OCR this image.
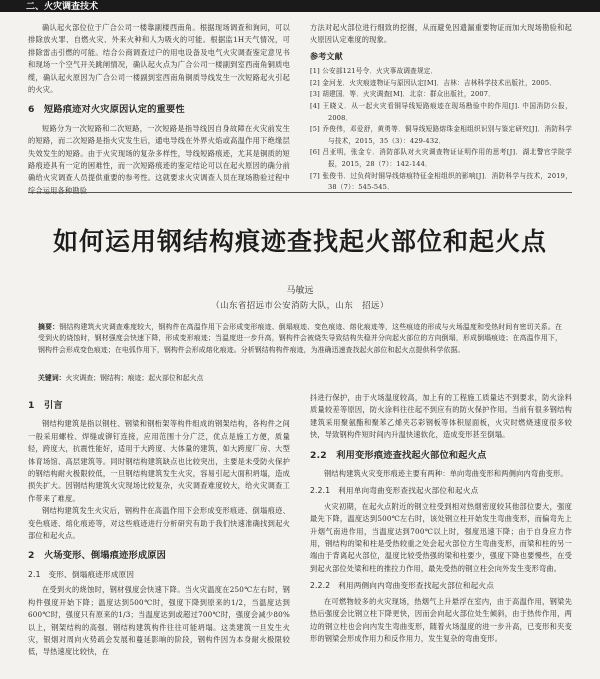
二、火灾调查技术

确认起火部位位于广合公司一楼靠副楼西南角。根据现场调查和询问，可以排除放火罪、自燃火灾、外来火种和人为吸火的可能。根据监1H天气情况，可排除雷击引燃的可能。结合公商调查过户的用电设备及电气火灾调查鉴定意见书和现场一个空气开关跳闸情况，确认起火点为广合公司一楼副到室西南角铜质电缆，确认起火原因为广合公司一楼副到室西南角铜质导线发生一次短路起火引起的火灾。

6　短路痕迹对火灾原因认定的重要性

短路分为一次短路和二次短路，一次短路是指导线因自身故障在火灾前发生的短路，而二次短路是指火灾发生后，通电导线在外界火焰或高温作用下绝缘层失效发生的短路。由于火灾现场的复杂多样性，导线短路痕迹，尤其是铜质的短路痕迹具有一定的困难性，而一次短路痕迹的鉴定结论可以在起火原因的确分前确给火灾调查人员提供重要的参考性。这就要求火灾调查人员在现场勘验过程中综合运用各种勘验

方法对起火部位进行细致的挖掘，从而避免因遗漏重要物证而加大现场勘验和起火原因认定难度的现象。

参考文献
[1] 公安部121号令．火灾事故调查规定．
[2] 金河龙．火灾痕迹物证与原因认定[M]．吉林：吉林科学技术出版社，2005．
[3] 胡建国．等．火灾调查[M]．北京：群众出版社，2007．
[4] 王晓义．从一起火灾看铜导线短路痕迹在现场勘验中的作用[J]. 中国消防公报，2008．
[5] 乔俊伟，邓爱舒，黄勇等．铜导线短路熔珠金相组织识别与鉴定研究[J]．消防科学与技术，2015，35（3）：429-432．
[6] 吕亚明，张金专．消防部队对火灾调查物证证明作用的思考[J]．湖北警官学院学报，2015，28（7）：142-144．
[7] 张俊书．过负荷时铜导线熔痕特征金相组织的影响[J]．消防科学与技术，2019，38（7）：545-545．
如何运用钢结构痕迹查找起火部位和起火点
马敏远
（山东省招远市公安消防大队，山东　招远）
摘要：钢结构建筑火灾调查难度较大，钢构件在高温作用下会形成变形痕迹、倒塌痕迹、变色痕迹、熔化痕迹等，这些痕迹的形成与火场温度和受热时间有密切关系。在受到火的烧蚀时，钢材强度会快速下降，形成变形痕迹；当温度进一步升高，钢构件会被烧失导致结构失稳并分向起火部位的方向倒塌，形成倒塌痕迹；在高温作用下，钢构件会形成变色痕迹；在电弧作用下，钢构件会形成熔化痕迹。分析钢结构构件痕迹，为准确迅速查找起火部位和起火点提供科学依据。
关键词：火灾调查；钢结构；痕迹；起火部位和起火点
1　引言

钢结构建筑是指以钢柱、钢梁和钢桁架等构件组成的钢架结构，各构件之间一般采用螺栓、焊缝或铆钉连接，应用范围十分广泛，优点是施工方便，质量轻，跨度大，抗震性能好，适用于大跨度、大体量的建筑，如大跨度厂房、大型体育场馆、高层建筑等。同时钢结构建筑缺点也比较突出，主要是未受防火保护的钢结构耐火极限较低，一旦钢结构建筑发生火灾，容易引起大面积坍塌，造成损失扩大。因钢结构建筑火灾现场比较复杂，火灾调查难度较大，给火灾调查工作带来了难度。

钢结构建筑发生火灾后，钢构件在高温作用下会形成变形痕迹、倒塌痕迹、变色痕迹、熔化痕迹等，对这些痕迹进行分析研究有助于我们快速准确找到起火部位和起火点。

2　火场变形、倒塌痕迹形成原因
2.1　变形、倒塌痕迹形成原因

在受到火的烧蚀时，钢材强度会快速下降。当火灾温度在250℃左右时，钢构件强度开始下降；温度达到500℃时，强度下降到原来的1/2，当温度达到600℃时，强度只有原来的1/3；当温度达到或超过700℃时，强度会减少80%以上，钢架结构的高强、钢结构建筑构件往往可能坍塌。这类建筑一旦发生火灾，银烟对周向火势疏会发展和蔓延影晌的阶段，钢构件因为本身耐火极限较低，导热速度比较快，在

抖进行保护，由于火场温度较高，加上有的工程施工质量达不到要求，防火涂料质量较差等原因，防火涂料往往起不到应有的防火保护作用。当前有很多钢结构建筑采用聚氨酯和聚苯乙烯夹芯彩钢板等体积屋面板，火灾时燃烧速度很多较快，导致钢构件短时间内升温快速软化，造成变形甚至倒塌。

2.2　利用变形痕迹查找起火部位和起火点

钢结构建筑火灾变形痕迹主要有两种：单向弯曲变形和两侧向内弯曲变形。

2.2.1　利用单向弯曲变形查找起火部位和起火点

火灾初期，在起火点附近的钢立柱受到相对热烟密度较其他部位要大，强度最先下降，温度达到500℃左右时，该处钢立柱开始发生弯曲变形，而偏弯先上升烟气南进作用，当温度达到700℃以上时，强度迅速下降；由于自身应力作用，钢结构的梁和柱是受热较重之处会起火部位方生弯曲变形，而梁和柱的另一端由于背离起火部位，温度比较受热强的梁和柱要少，强度下降也要慢些，在受到起火部位处梁和柱的推拉力作用，最先受热的钢立柱会向外发生变形弯曲。

2.2.2　利用两侧向内弯曲变形查找起火部位和起火点

在可燃物较多的火灾现场，热烟气上升悬浮在室内，由于高温作用，钢梁先热后强度会比钢立柱下降更快，因而会向起火部位处生倾斜，由于热传作用，两边的钢立柱也会向内发生弯曲变形，随着火场温度的进一步升高，已变形和夹变形的钢梁会形成作用力和反作用力，发生复杂的弯曲变形。
